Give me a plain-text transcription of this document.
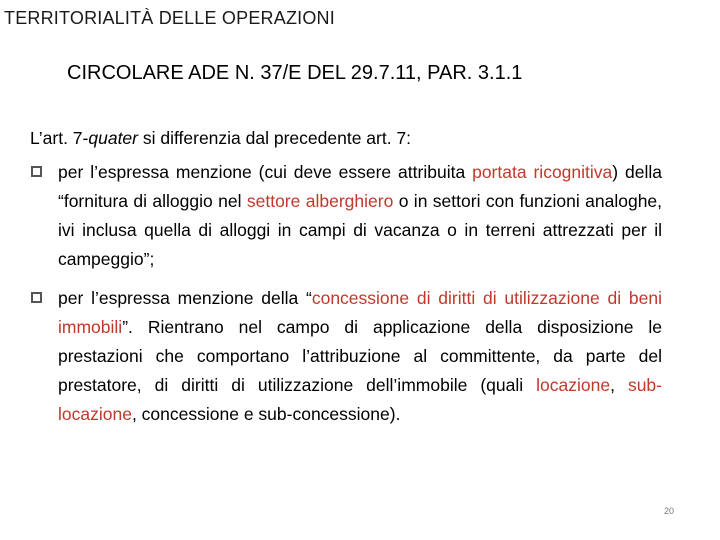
TERRITORIALITÀ DELLE OPERAZIONI
CIRCOLARE ADE N. 37/E DEL 29.7.11, PAR. 3.1.1

L’art. 7-quater si differenzia dal precedente art. 7:

per l’espressa menzione (cui deve essere attribuita portata ricognitiva) della “fornitura di alloggio nel settore alberghiero o in settori con funzioni analoghe, ivi inclusa quella di alloggi in campi di vacanza o in terreni attrezzati per il campeggio”;
per l’espressa menzione della “concessione di diritti di utilizzazione di beni immobili”. Rientrano nel campo di applicazione della disposizione le prestazioni che comportano l’attribuzione al committente, da parte del prestatore, di diritti di utilizzazione dell’immobile (quali locazione, sub-locazione, concessione e sub-concessione).
20
